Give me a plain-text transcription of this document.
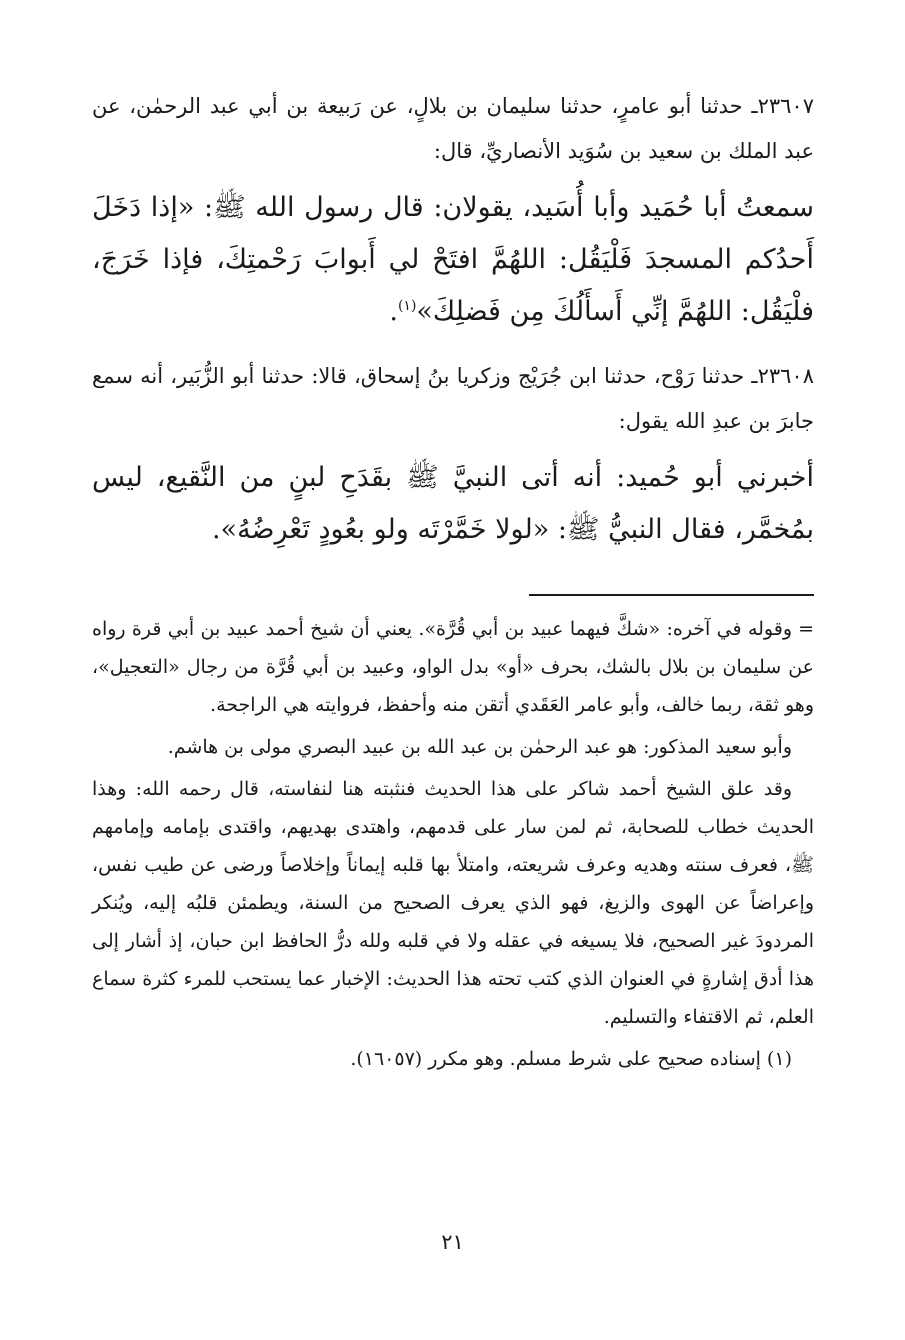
٢٣٦٠٧ـ حدثنا أبو عامرٍ، حدثنا سليمان بن بلالٍ، عن رَبيعة بن أبي عبد الرحمٰن، عن عبد الملك بن سعيد بن سُوَيد الأنصاريِّ، قال:

سمعتُ أبا حُمَيد وأبا أُسَيد، يقولان: قال رسول الله ﷺ: «إذا دَخَلَ أَحدُكم المسجدَ فَلْيَقُل: اللهُمَّ افتَحْ لي أَبوابَ رَحْمتِكَ، فإذا خَرَجَ، فلْيَقُل: اللهُمَّ إنِّي أَسأَلُكَ مِن فَضلِكَ»$^{(١)}$.

٢٣٦٠٨ـ حدثنا رَوْح، حدثنا ابن جُرَيْج وزكريا بنُ إسحاق، قالا: حدثنا أبو الزُّبَير، أنه سمع جابرَ بن عبدِ الله يقول:

أخبرني أبو حُميد: أنه أتى النبيَّ ﷺ بقَدَحِ لبنٍ من النَّقيع، ليس بمُخمَّر، فقال النبيُّ ﷺ: «لولا خَمَّرْتَه ولو بعُودٍ تَعْرِضُهُ».

=وقوله في آخره: «شكَّ فيهما عبيد بن أبي قُرَّة». يعني أن شيخ أحمد عبيد بن أبي قرة رواه عن سليمان بن بلال بالشك، بحرف «أو» بدل الواو، وعبيد بن أبي قُرَّة من رجال «التعجيل»، وهو ثقة، ربما خالف، وأبو عامر العَقَدي أتقن منه وأحفظ، فروايته هي الراجحة.

وأبو سعيد المذكور: هو عبد الرحمٰن بن عبد الله بن عبيد البصري مولى بن هاشم.

وقد علق الشيخ أحمد شاكر على هذا الحديث فنثبته هنا لنفاسته، قال رحمه الله: وهذا الحديث خطاب للصحابة، ثم لمن سار على قدمهم، واهتدى بهديهم، واقتدى بإمامه وإمامهم ﷺ، فعرف سنته وهديه وعرف شريعته، وامتلأ بها قلبه إيماناً وإخلاصاً ورضى عن طيب نفس، وإعراضاً عن الهوى والزيغ، فهو الذي يعرف الصحيح من السنة، ويطمئن قلبُه إليه، ويُنكر المردودَ غير الصحيح، فلا يسيغه في عقله ولا في قلبه ولله درُّ الحافظ ابن حبان، إذ أشار إلى هذا أدق إشارةٍ في العنوان الذي كتب تحته هذا الحديث: الإخبار عما يستحب للمرء كثرة سماع العلم، ثم الاقتفاء والتسليم.

(١) إسناده صحيح على شرط مسلم. وهو مكرر (١٦٠٥٧).

٢١
